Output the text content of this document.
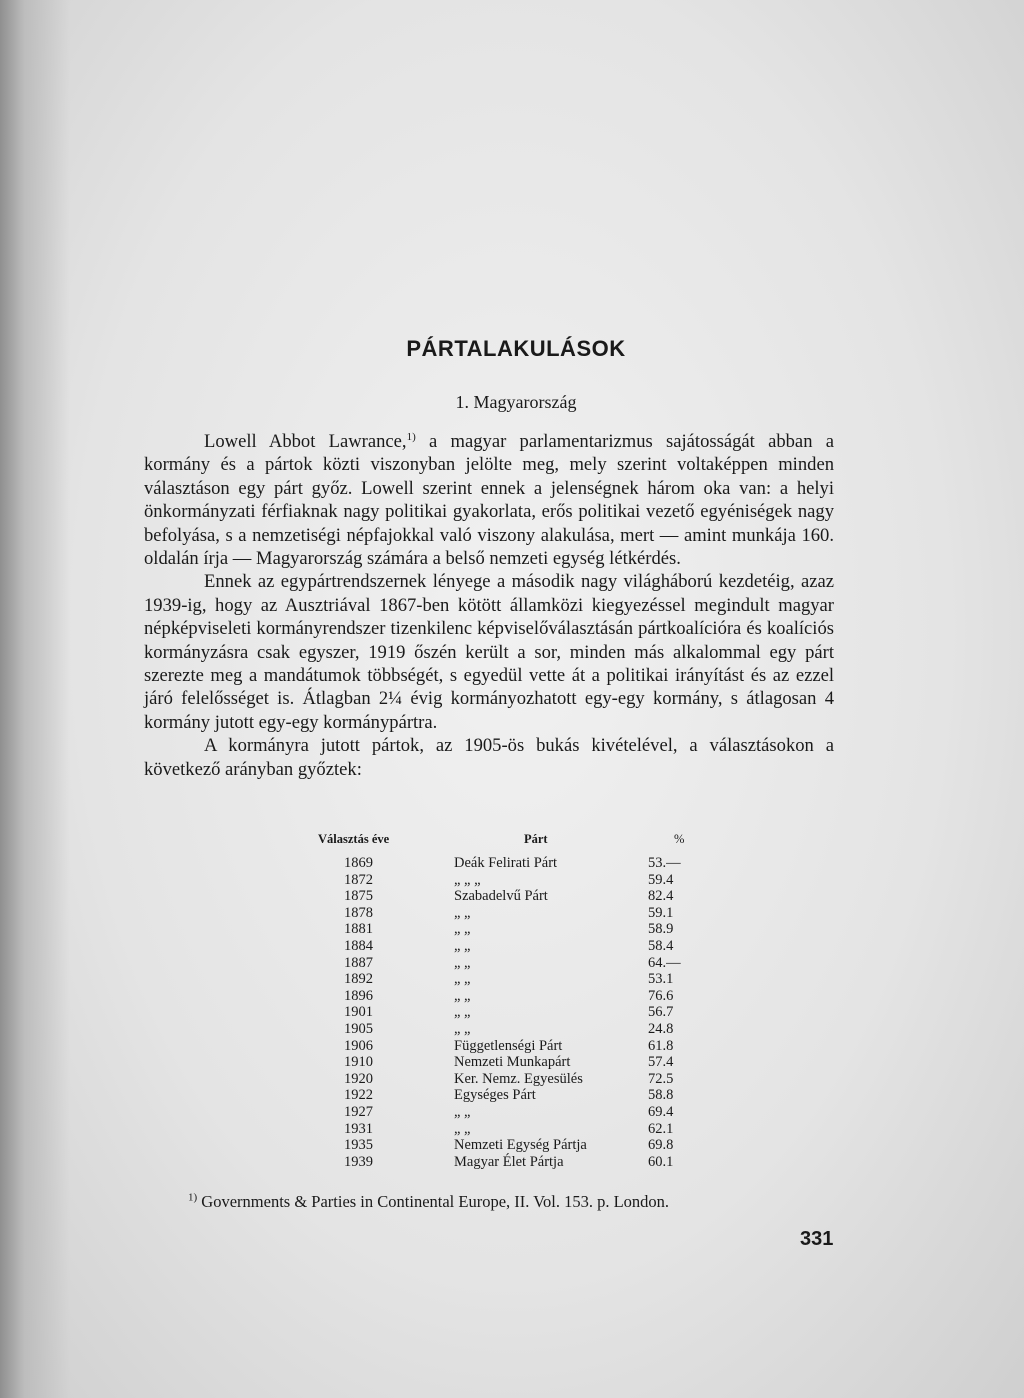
PÁRTALAKULÁSOK
1. Magyarország

Lowell Abbot Lawrance,$^{1)}$ a magyar parlamentarizmus sajátosságát abban a kormány és a pártok közti viszonyban jelölte meg, mely szerint voltaképpen minden választáson egy párt győz. Lowell szerint ennek a jelenségnek három oka van: a helyi önkormányzati férfiaknak nagy politikai gyakorlata, erős politikai vezető egyéniségek nagy befolyása, s a nemzetiségi népfajokkal való viszony alakulása, mert — amint munkája 160. oldalán írja — Magyarország számára a belső nemzeti egység létkérdés.

Ennek az egypártrendszernek lényege a második nagy világháború kezdetéig, azaz 1939-ig, hogy az Ausztriával 1867-ben kötött államközi kiegyezéssel megindult magyar népképviseleti kormányrendszer tizenkilenc képviselőválasztásán pártkoalícióra és koalíciós kormányzásra csak egyszer, 1919 őszén került a sor, minden más alkalommal egy párt szerezte meg a mandátumok többségét, s egyedül vette át a politikai irányítást és az ezzel járó felelősséget is. Átlagban 2¼ évig kormányozhatott egy-egy kormány, s átlagosan 4 kormány jutott egy-egy kormánypártra.

A kormányra jutott pártok, az 1905-ös bukás kivételével, a választásokon a következő arányban győztek:

Választás éve	Párt	%
1869	Deák Felirati Párt	53.—
1872	„ „ „	59.4
1875	Szabadelvű Párt	82.4
1878	„ „	59.1
1881	„ „	58.9
1884	„ „	58.4
1887	„ „	64.—
1892	„ „	53.1
1896	„ „	76.6
1901	„ „	56.7
1905	„ „	24.8
1906	Függetlenségi Párt	61.8
1910	Nemzeti Munkapárt	57.4
1920	Ker. Nemz. Egyesülés	72.5
1922	Egységes Párt	58.8
1927	„ „	69.4
1931	„ „	62.1
1935	Nemzeti Egység Pártja	69.8
1939	Magyar Élet Pártja	60.1
$^{1)}$ Governments & Parties in Continental Europe, II. Vol. 153. p. London.
331
